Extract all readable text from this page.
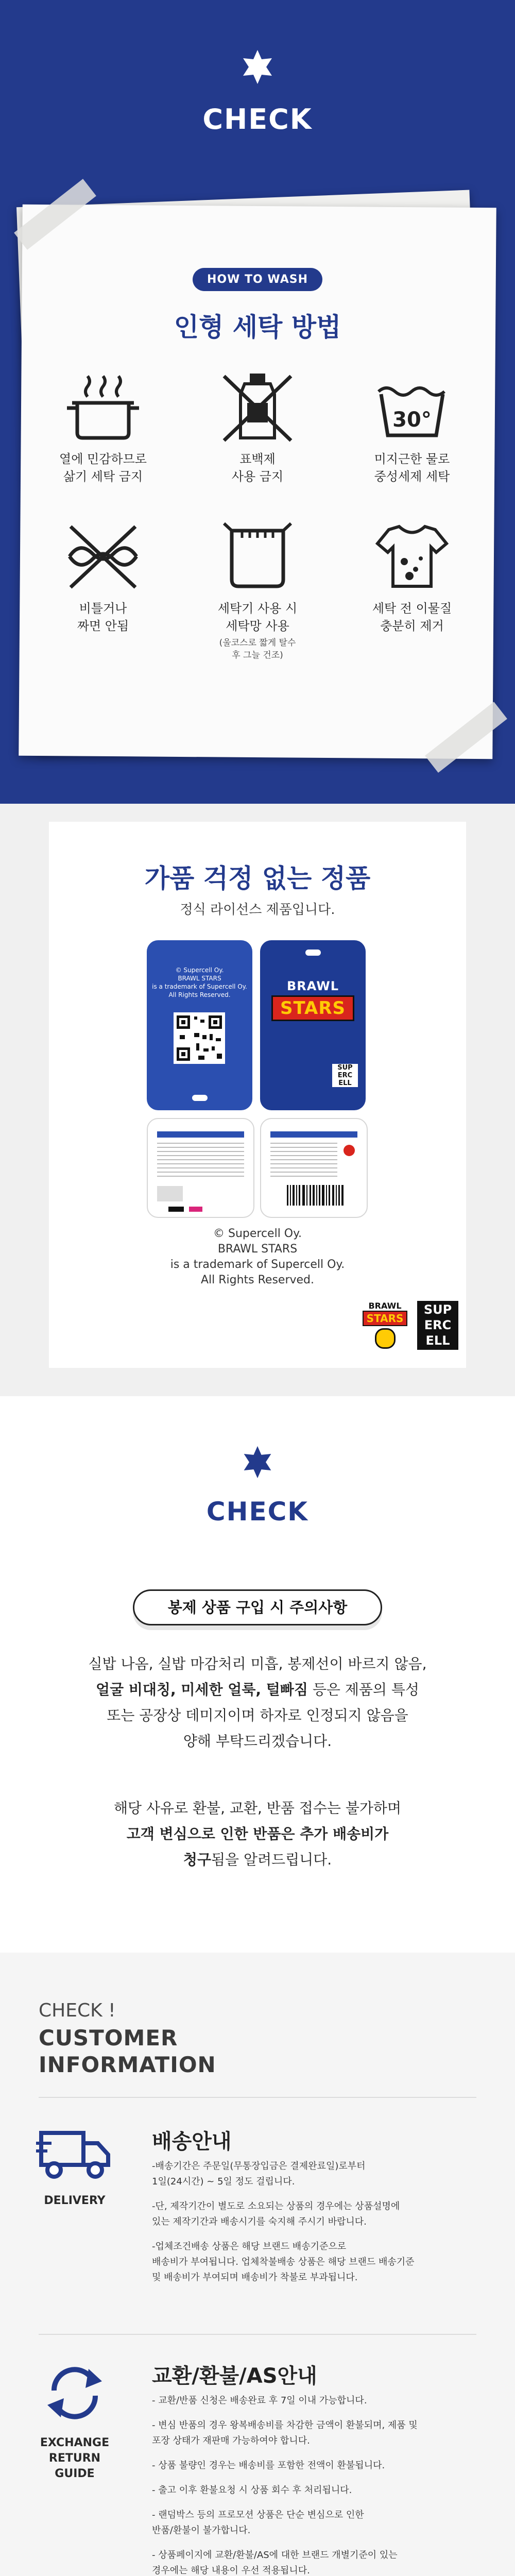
CHECK
HOW TO WASH
인형 세탁 방법
열에 민감하므로
삶기 세탁 금지
표백제
사용 금지
30°
미지근한 물로
중성세제 세탁
비틀거나
짜면 안됨
세탁기 사용 시
세탁망 사용
(울코스로 짧게 탈수
후 그늘 건조)
세탁 전 이물질
충분히 제거
가품 걱정 없는 정품
정식 라이선스 제품입니다.
© Supercell Oy.
BRAWL STARS
is a trademark of Supercell Oy.
All Rights Reserved.
BRAWL
STARS
SUP
ERC
ELL
© Supercell Oy.
BRAWL STARS
is a trademark of Supercell Oy.
All Rights Reserved.
BRAWL
STARS
SUP
ERC
ELL
CHECK
봉제 상품 구입 시 주의사항
실밥 나옴, 실밥 마감처리 미흡, 봉제선이 바르지 않음,
얼굴 비대칭, 미세한 얼룩, 털빠짐 등은 제품의 특성
또는 공장상 데미지이며 하자로 인정되지 않음을
양해 부탁드리겠습니다.
해당 사유로 환불, 교환, 반품 접수는 불가하며
고객 변심으로 인한 반품은 추가 배송비가
청구됨을 알려드립니다.
CHECK !
CUSTOMER
INFORMATION
DELIVERY
배송안내

-배송기간은 주문일(무통장입금은 결제완료일)로부터
1일(24시간) ~ 5일 정도 걸립니다.

-단, 제작기간이 별도로 소요되는 상품의 경우에는 상품설명에
있는 제작기간과 배송시기를 숙지해 주시기 바랍니다.

-업체조건배송 상품은 해당 브랜드 배송기준으로
배송비가 부여됩니다. 업체착불배송 상품은 해당 브랜드 배송기준
및 배송비가 부여되며 배송비가 착불로 부과됩니다.

EXCHANGE
RETURN
GUIDE
교환/환불/AS안내

- 교환/반품 신청은 배송완료 후 7일 이내 가능합니다.

- 변심 반품의 경우 왕복배송비를 차감한 금액이 환불되며, 제품 및
포장 상태가 재판매 가능하여야 합니다.

- 상품 불량인 경우는 배송비를 포함한 전액이 환불됩니다.

- 출고 이후 환불요청 시 상품 회수 후 처리됩니다.

- 랜덤박스 등의 프로모션 상품은 단순 변심으로 인한
반품/환불이 불가합니다.

- 상품페이지에 교환/환불/AS에 대한 브랜드 개별기준이 있는
경우에는 해당 내용이 우선 적용됩니다.
